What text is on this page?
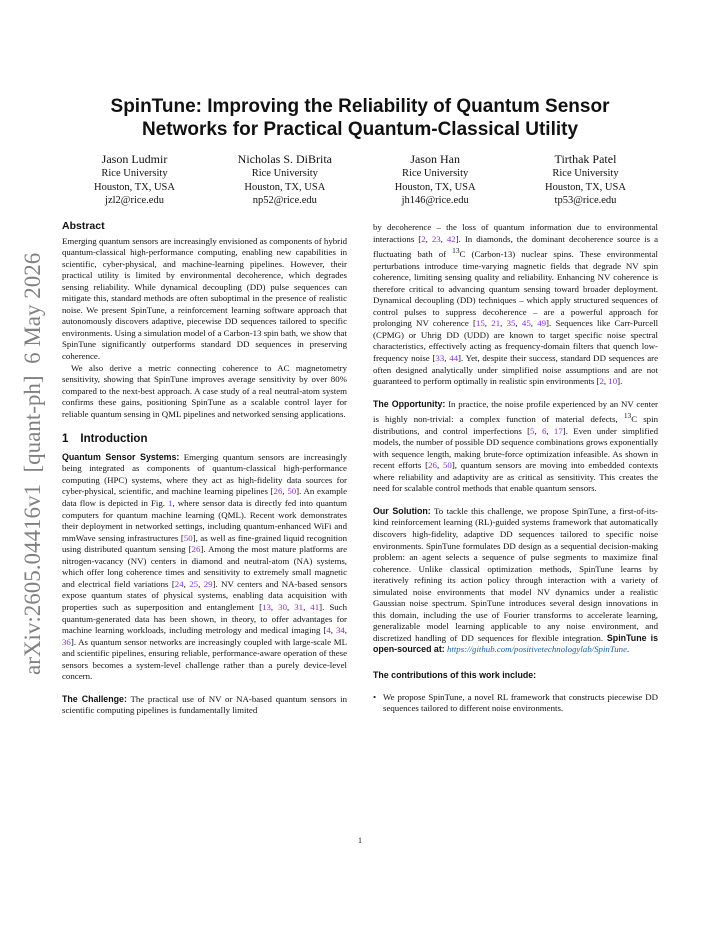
arXiv:2605.04416v1  [quant-ph]  6 May 2026
SpinTune: Improving the Reliability of Quantum Sensor
Networks for Practical Quantum-Classical Utility
Jason Ludmir
Rice University
Houston, TX, USA
jzl2@rice.edu
Nicholas S. DiBrita
Rice University
Houston, TX, USA
np52@rice.edu
Jason Han
Rice University
Houston, TX, USA
jh146@rice.edu
Tirthak Patel
Rice University
Houston, TX, USA
tp53@rice.edu
Abstract

Emerging quantum sensors are increasingly envisioned as components of hybrid quantum-classical high-performance computing, enabling new capabilities in scientific, cyber-physical, and machine-learning pipelines. However, their practical utility is limited by environmental decoherence, which degrades sensing reliability. While dynamical decoupling (DD) pulse sequences can mitigate this, standard methods are often suboptimal in the presence of realistic noise. We present SpinTune, a reinforcement learning software approach that autonomously discovers adaptive, piecewise DD sequences tailored to specific environments. Using a simulation model of a Carbon-13 spin bath, we show that SpinTune significantly outperforms standard DD sequences in preserving coherence.

We also derive a metric connecting coherence to AC magnetometry sensitivity, showing that SpinTune improves average sensitivity by over 80% compared to the next-best approach. A case study of a real neutral-atom system confirms these gains, positioning SpinTune as a scalable control layer for reliable quantum sensing in QML pipelines and networked sensing applications.

1 Introduction

Quantum Sensor Systems: Emerging quantum sensors are increasingly being integrated as components of quantum-classical high-performance computing (HPC) systems, where they act as high-fidelity data sources for cyber-physical, scientific, and machine learning pipelines [26, 50]. An example data flow is depicted in Fig. 1, where sensor data is directly fed into quantum computers for quantum machine learning (QML). Recent work demonstrates their deployment in networked settings, including quantum-enhanced WiFi and mmWave sensing infrastructures [50], as well as fine-grained liquid recognition using distributed quantum sensing [26]. Among the most mature platforms are nitrogen-vacancy (NV) centers in diamond and neutral-atom (NA) systems, which offer long coherence times and sensitivity to extremely small magnetic and electrical field variations [24, 25, 29]. NV centers and NA-based sensors expose quantum states of physical systems, enabling data acquisition with properties such as superposition and entanglement [13, 30, 31, 41]. Such quantum-generated data has been shown, in theory, to offer advantages for machine learning workloads, including metrology and medical imaging [4, 34, 36]. As quantum sensor networks are increasingly coupled with large-scale ML and scientific pipelines, ensuring reliable, performance-aware operation of these sensors becomes a system-level challenge rather than a purely device-level concern.

The Challenge: The practical use of NV or NA-based quantum sensors in scientific computing pipelines is fundamentally limited

by decoherence – the loss of quantum information due to environmental interactions [2, 23, 42]. In diamonds, the dominant decoherence source is a fluctuating bath of $^{13}$C (Carbon-13) nuclear spins. These environmental perturbations introduce time-varying magnetic fields that degrade NV spin coherence, limiting sensing quality and reliability. Enhancing NV coherence is therefore critical to advancing quantum sensing toward broader deployment. Dynamical decoupling (DD) techniques – which apply structured sequences of control pulses to suppress decoherence – are a powerful approach for prolonging NV coherence [15, 21, 35, 45, 49]. Sequences like Carr-Purcell (CPMG) or Uhrig DD (UDD) are known to target specific noise spectral characteristics, effectively acting as frequency-domain filters that quench low-frequency noise [33, 44]. Yet, despite their success, standard DD sequences are often designed analytically under simplified noise assumptions and are not guaranteed to perform optimally in realistic spin environments [2, 10].

The Opportunity: In practice, the noise profile experienced by an NV center is highly non-trivial: a complex function of material defects, $^{13}$C spin distributions, and control imperfections [5, 6, 17]. Even under simplified models, the number of possible DD sequence combinations grows exponentially with sequence length, making brute-force optimization infeasible. As shown in recent efforts [26, 50], quantum sensors are moving into embedded contexts where reliability and adaptivity are as critical as sensitivity. This creates the need for scalable control methods that enable quantum sensors.

Our Solution: To tackle this challenge, we propose SpinTune, a first-of-its-kind reinforcement learning (RL)-guided systems framework that automatically discovers high-fidelity, adaptive DD sequences tailored to specific noise environments. SpinTune formulates DD design as a sequential decision-making problem: an agent selects a sequence of pulse segments to maximize final coherence. Unlike classical optimization methods, SpinTune learns by iteratively refining its action policy through interaction with a variety of simulated noise environments that model NV dynamics under a realistic Gaussian noise spectrum. SpinTune introduces several design innovations in this domain, including the use of Fourier transforms to accelerate learning, generalizable model learning applicable to any noise environment, and discretized handling of DD sequences for flexible integration. SpinTune is open-sourced at: https://github.com/positivetechnologylab/SpinTune.

The contributions of this work include:
• We propose SpinTune, a novel RL framework that constructs piecewise DD sequences tailored to different noise environments.
1
